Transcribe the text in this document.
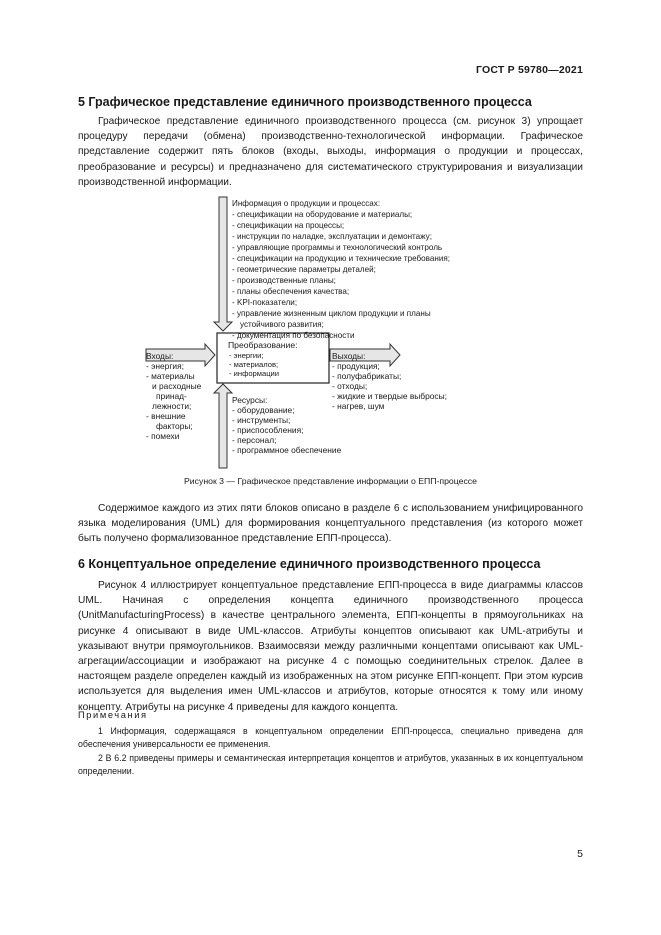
ГОСТ Р 59780—2021
5 Графическое представление единичного производственного процесса

Графическое представление единичного производственного процесса (см. рисунок 3) упрощает процедуру передачи (обмена) производственно-технологической информации. Графическое представление содержит пять блоков (входы, выходы, информация о продукции и процессах, преобразование и ресурсы) и предназначено для систематического структурирования и визуализации производственной информации.

Информация о продукции и процессах:
- спецификации на оборудование и материалы;
- спецификации на процессы;
- инструкции по наладке, эксплуатации и демонтажу;
- управляющие программы и технологический контроль
- спецификации на продукцию и технические требования;
- геометрические параметры деталей;
- производственные планы;
- планы обеспечения качества;
- KPI-показатели;
- управление жизненным циклом продукции и планы
устойчивого развития;
- документация по безопасности
Преобразование:
- энергии;
- материалов;
- информации
Входы:
- энергия;
- материалы
и расходные
принад-
лежности;
- внешние
факторы;
- помехи
Выходы:
- продукция;
- полуфабрикаты;
- отходы;
- жидкие и твердые выбросы;
- нагрев, шум
Ресурсы:
- оборудование;
- инструменты;
- приспособления;
- персонал;
- программное обеспечение
Рисунок 3 — Графическое представление информации о ЕПП-процессе

Содержимое каждого из этих пяти блоков описано в разделе 6 с использованием унифицированного языка моделирования (UML) для формирования концептуального представления (из которого может быть получено формализованное представление ЕПП-процесса).

6 Концептуальное определение единичного производственного процесса

Рисунок 4 иллюстрирует концептуальное представление ЕПП-процесса в виде диаграммы классов UML. Начиная с определения концепта единичного производственного процесса (UnitManufacturingProcess) в качестве центрального элемента, ЕПП-концепты в прямоугольниках на рисунке 4 описывают в виде UML-классов. Атрибуты концептов описывают как UML-атрибуты и указывают внутри прямоугольников. Взаимосвязи между различными концептами описывают как UML-агрегации/ассоциации и изображают на рисунке 4 с помощью соединительных стрелок. Далее в настоящем разделе определен каждый из изображенных на этом рисунке ЕПП-концепт. При этом курсив используется для выделения имен UML-классов и атрибутов, которые относятся к тому или иному концепту. Атрибуты на рисунке 4 приведены для каждого концепта.

Примечания

1 Информация, содержащаяся в концептуальном определении ЕПП-процесса, специально приведена для обеспечения универсальности ее применения.

2 В 6.2 приведены примеры и семантическая интерпретация концептов и атрибутов, указанных в их концептуальном определении.

5
